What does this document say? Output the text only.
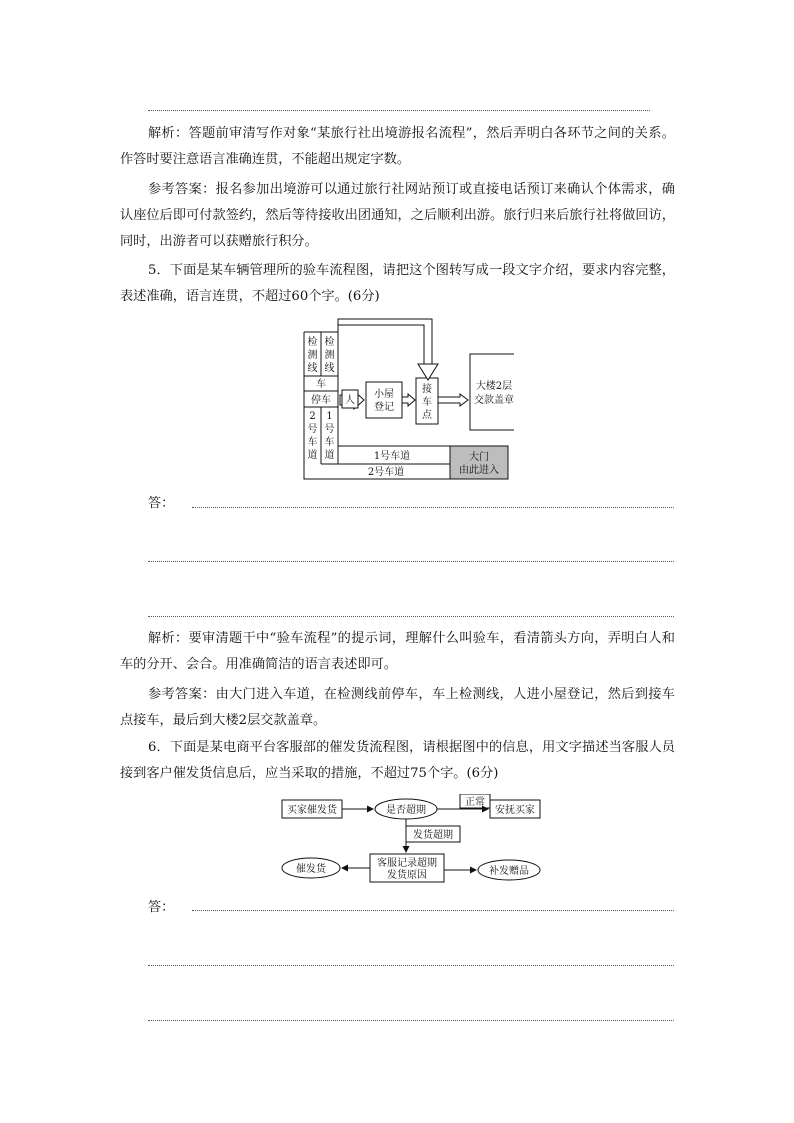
解析：答题前审清写作对象“某旅行社出境游报名流程”，然后弄明白各环节之间的关系。作答时要注意语言准确连贯，不能超出规定字数。
参考答案：报名参加出境游可以通过旅行社网站预订或直接电话预订来确认个体需求，确认座位后即可付款签约，然后等待接收出团通知，之后顺利出游。旅行归来后旅行社将做回访，同时，出游者可以获赠旅行积分。
5．下面是某车辆管理所的验车流程图，请把这个图转写成一段文字介绍，要求内容完整，表述准确，语言连贯，不超过60个字。(6分)
检
测
线
检
测
线
车
停车
2
号
车
道
1
号
车
道
人
小屋
登记
接
车
点
大楼2层
交款盖章
1号车道
2号车道
大门
由此进入
答：
解析：要审清题干中“验车流程”的提示词，理解什么叫验车，看清箭头方向，弄明白人和车的分开、会合。用准确简洁的语言表述即可。
参考答案：由大门进入车道，在检测线前停车，车上检测线，人进小屋登记，然后到接车点接车，最后到大楼2层交款盖章。
6．下面是某电商平台客服部的催发货流程图，请根据图中的信息，用文字描述当客服人员接到客户催发货信息后，应当采取的措施，不超过75个字。(6分)
买家催发货	是否超期
正常
安抚买家
发货超期
客服记录超期
发货原因
催发货	补发赠品
答：
